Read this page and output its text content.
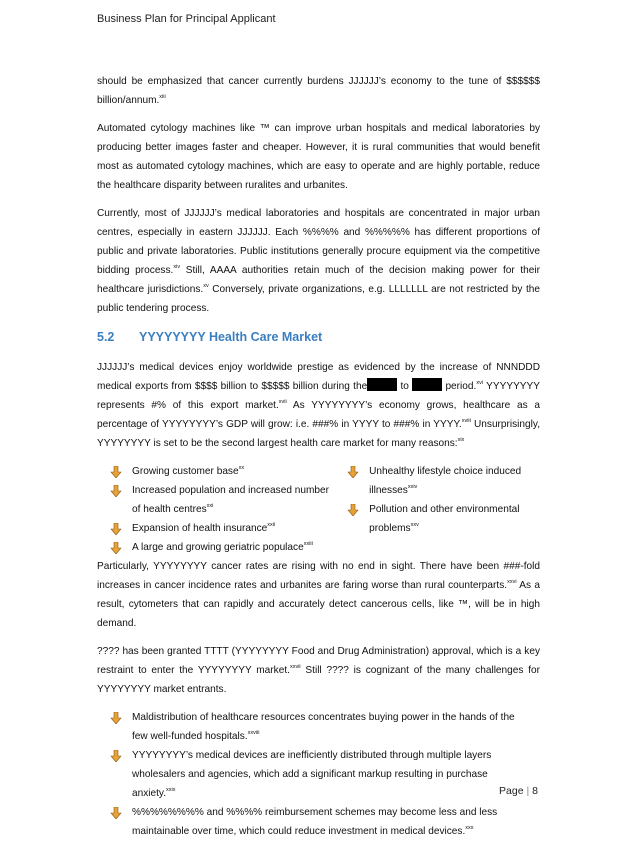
Business Plan for Principal Applicant

should be emphasized that cancer currently burdens JJJJJJ’s economy to the tune of $$$$$$ billion/annum.$^{xiii}$

Automated cytology machines like ™ can improve urban hospitals and medical laboratories by producing better images faster and cheaper. However, it is rural communities that would benefit most as automated cytology machines, which are easy to operate and are highly portable, reduce the healthcare disparity between ruralites and urbanites.

Currently, most of JJJJJJ’s medical laboratories and hospitals are concentrated in major urban centres, especially in eastern JJJJJJ. Each %%%% and %%%%% has different proportions of public and private laboratories. Public institutions generally procure equipment via the competitive bidding process.$^{xiv}$ Still, AAAA authorities retain much of the decision making power for their healthcare jurisdictions.$^{xv}$ Conversely, private organizations, e.g. LLLLLLL are not restricted by the public tendering process.

5.2 YYYYYYYY Health Care Market

JJJJJJ’s medical devices enjoy worldwide prestige as evidenced by the increase of NNNDDD medical exports from $$$$ billion to $$$$$ billion during the	to	period.$^{xvi}$ YYYYYYYY represents #% of this export market.$^{xvii}$ As YYYYYYYY’s economy grows, healthcare as a percentage of YYYYYYYY’s GDP will grow: i.e. ###% in YYYY to ###% in YYYY.$^{xviii}$ Unsurprisingly, YYYYYYYY is set to be the second largest health care market for many reasons:$^{xix}$

Growing customer base$^{xx}$
Increased population and increased number of health centres$^{xxi}$
Expansion of health insurance$^{xxii}$
A large and growing geriatric populace$^{xxiii}$
Unhealthy lifestyle choice induced illnesses$^{xxiv}$
Pollution and other environmental problems$^{xxv}$

Particularly, YYYYYYYY cancer rates are rising with no end in sight. There have been ###-fold increases in cancer incidence rates and urbanites are faring worse than rural counterparts.$^{xxvi}$ As a result, cytometers that can rapidly and accurately detect cancerous cells, like ™, will be in high demand.

???? has been granted TTTT (YYYYYYYY Food and Drug Administration) approval, which is a key restraint to enter the YYYYYYYY market.$^{xxvii}$ Still ???? is cognizant of the many challenges for YYYYYYYY market entrants.

Maldistribution of healthcare resources concentrates buying power in the hands of the few well-funded hospitals.$^{xxviii}$
YYYYYYYY’s medical devices are inefficiently distributed through multiple layers wholesalers and agencies, which add a significant markup resulting in purchase anxiety.$^{xxix}$
%%%%%%%% and %%%% reimbursement schemes may become less and less maintainable over time, which could reduce investment in medical devices.$^{xxx}$
Page | 8
